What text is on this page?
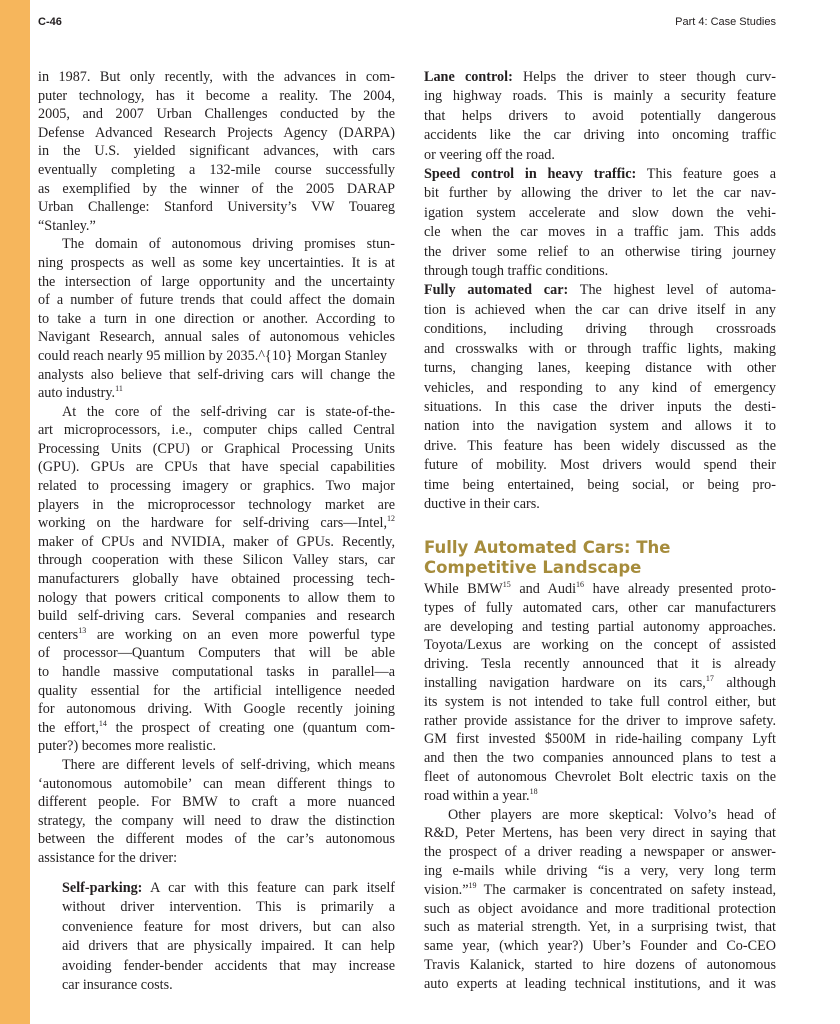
C-46	Part 4: Case Studies
in 1987. But only recently, with the advances in com-
puter technology, has it become a reality. The 2004,
2005, and 2007 Urban Challenges conducted by the
Defense Advanced Research Projects Agency (DARPA)
in the U.S. yielded significant advances, with cars
eventually completing a 132-mile course successfully
as exemplified by the winner of the 2005 DARAP
Urban Challenge: Stanford University’s VW Touareg
“Stanley.”
The domain of autonomous driving promises stun-
ning prospects as well as some key uncertainties. It is at
the intersection of large opportunity and the uncertainty
of a number of future trends that could affect the domain
to take a turn in one direction or another. According to
Navigant Research, annual sales of autonomous vehicles
could reach nearly 95 million by 2035.^{10} Morgan Stanley
analysts also believe that self-driving cars will change the
auto industry.$^{11}$
At the core of the self-driving car is state-of-the-
art microprocessors, i.e., computer chips called Central
Processing Units (CPU) or Graphical Processing Units
(GPU). GPUs are CPUs that have special capabilities
related to processing imagery or graphics. Two major
players in the microprocessor technology market are
working on the hardware for self-driving cars—Intel,$^{12}$
maker of CPUs and NVIDIA, maker of GPUs. Recently,
through cooperation with these Silicon Valley stars, car
manufacturers globally have obtained processing tech-
nology that powers critical components to allow them to
build self-driving cars. Several companies and research
centers$^{13}$ are working on an even more powerful type
of processor—Quantum Computers that will be able
to handle massive computational tasks in parallel—a
quality essential for the artificial intelligence needed
for autonomous driving. With Google recently joining
the effort,$^{14}$ the prospect of creating one (quantum com-
puter?) becomes more realistic.
There are different levels of self-driving, which means
‘autonomous automobile’ can mean different things to
different people. For BMW to craft a more nuanced
strategy, the company will need to draw the distinction
between the different modes of the car’s autonomous
assistance for the driver:
Self-parking: A car with this feature can park itself
without driver intervention. This is primarily a
convenience feature for most drivers, but can also
aid drivers that are physically impaired. It can help
avoiding fender-bender accidents that may increase
car insurance costs.
Lane control: Helps the driver to steer though curv-
ing highway roads. This is mainly a security feature
that helps drivers to avoid potentially dangerous
accidents like the car driving into oncoming traffic
or veering off the road.
Speed control in heavy traffic: This feature goes a
bit further by allowing the driver to let the car nav-
igation system accelerate and slow down the vehi-
cle when the car moves in a traffic jam. This adds
the driver some relief to an otherwise tiring journey
through tough traffic conditions.
Fully automated car: The highest level of automa-
tion is achieved when the car can drive itself in any
conditions, including driving through crossroads
and crosswalks with or through traffic lights, making
turns, changing lanes, keeping distance with other
vehicles, and responding to any kind of emergency
situations. In this case the driver inputs the desti-
nation into the navigation system and allows it to
drive. This feature has been widely discussed as the
future of mobility. Most drivers would spend their
time being entertained, being social, or being pro-
ductive in their cars.
Fully Automated Cars: The Competitive Landscape
While BMW$^{15}$ and Audi$^{16}$ have already presented proto-
types of fully automated cars, other car manufacturers
are developing and testing partial autonomy approaches.
Toyota/Lexus are working on the concept of assisted
driving. Tesla recently announced that it is already
installing navigation hardware on its cars,$^{17}$ although
its system is not intended to take full control either, but
rather provide assistance for the driver to improve safety.
GM first invested $500M in ride-hailing company Lyft
and then the two companies announced plans to test a
fleet of autonomous Chevrolet Bolt electric taxis on the
road within a year.$^{18}$
Other players are more skeptical: Volvo’s head of
R&D, Peter Mertens, has been very direct in saying that
the prospect of a driver reading a newspaper or answer-
ing e-mails while driving “is a very, very long term
vision.”$^{19}$ The carmaker is concentrated on safety instead,
such as object avoidance and more traditional protection
such as material strength. Yet, in a surprising twist, that
same year, (which year?) Uber’s Founder and Co-CEO
Travis Kalanick, started to hire dozens of autonomous
auto experts at leading technical institutions, and it was
